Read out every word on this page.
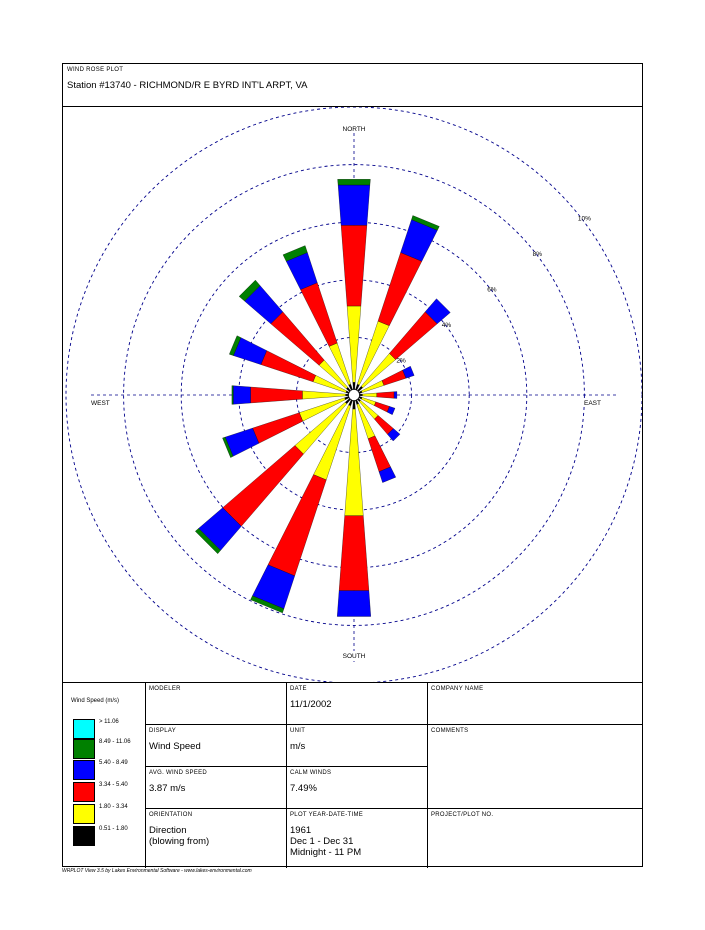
WIND ROSE PLOT
Station #13740 - RICHMOND/R E BYRD INT'L ARPT, VA
2%
4%
6%
8%
10%
NORTH
SOUTH
EAST
WEST
Wind Speed (m/s)
> 11.06
8.49 - 11.06
5.40 - 8.49
3.34 - 5.40
1.80 - 3.34
0.51 - 1.80
MODELER	DATE
11/1/2002
COMPANY NAME
DISPLAY
Wind Speed
UNIT
m/s
COMMENTS
AVG. WIND SPEED
3.87 m/s
CALM WINDS
7.49%
ORIENTATION
Direction
(blowing from)
PLOT YEAR-DATE-TIME
1961
Dec 1 - Dec 31
Midnight - 11 PM
PROJECT/PLOT NO.
WRPLOT View 3.5 by Lakes Environmental Software - www.lakes-environmental.com
